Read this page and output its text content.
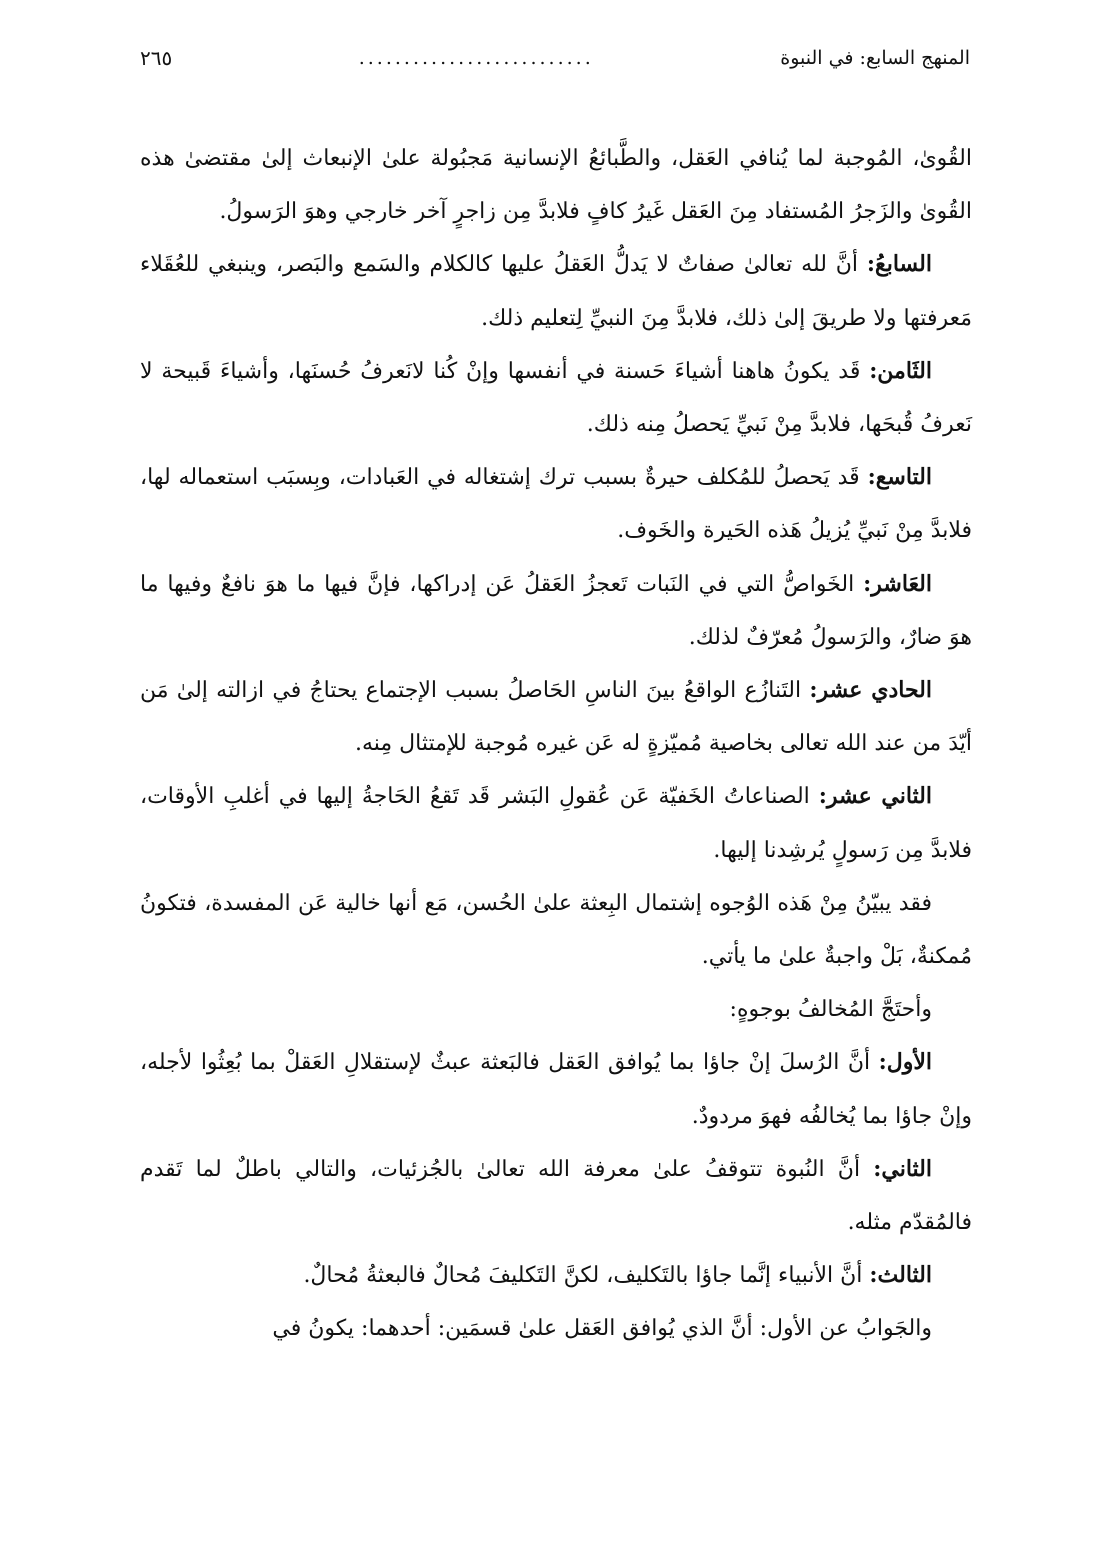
المنهج السابع: في النبوة
..........................
٢٦٥

القُوىٰ، المُوجبة لما يُنافي العَقل، والطَّبائعُ الإنسانية مَجبُولة علىٰ الإنبعاث إلىٰ مقتضىٰ هذه القُوىٰ والزَجرُ المُستفاد مِنَ العَقل غَيرُ كافٍ فلابدَّ مِن زاجرٍ آخر خارجي وهوَ الرَسولُ.

السابعُ: أنَّ لله تعالىٰ صفاتٌ لا يَدلُّ العَقلُ عليها كالكلام والسَمع والبَصر، وينبغي للعُقَلاء مَعرفتها ولا طريقَ إلىٰ ذلك، فلابدَّ مِنَ النبيِّ لِتعليم ذلك.

الثَامن: قَد يكونُ هاهنا أشياءَ حَسنة في أنفسها وإنْ كُنا لانَعرفُ حُسنَها، وأشياءَ قَبيحة لا نَعرفُ قُبحَها، فلابدَّ مِنْ نَبيِّ يَحصلُ مِنه ذلك.

التاسع: قَد يَحصلُ للمُكلف حيرةٌ بسبب ترك إشتغاله في العَبادات، وبِسبَب استعماله لها، فلابدَّ مِنْ نَبيِّ يُزيلُ هَذه الحَيرة والخَوف.

العَاشر: الخَواصُّ التي في النَبات تَعجزُ العَقلُ عَن إدراكها، فإنَّ فيها ما هوَ نافعٌ وفيها ما هوَ ضارٌ، والرَسولُ مُعرّفٌ لذلك.

الحادي عشر: التَنازُع الواقعُ بينَ الناسِ الحَاصلُ بسبب الإجتماع يحتاجُ في ازالته إلىٰ مَن أيّدَ من عند الله تعالى بخاصية مُميّزةٍ له عَن غيره مُوجبة للإمتثال مِنه.

الثاني عشر: الصناعاتُ الخَفيّة عَن عُقولِ البَشر قَد تَقعُ الحَاجةُ إليها في أغلبِ الأوقات، فلابدَّ مِن رَسولٍ يُرشِدنا إليها.

فقد يبيّنُ مِنْ هَذه الوُجوه إشتمال البِعثة علىٰ الحُسن، مَع أنها خالية عَن المفسدة، فتكونُ مُمكنةٌ، بَلْ واجبةٌ علىٰ ما يأتي.

وأحتَجَّ المُخالفُ بوجوهٍ:

الأول: أنَّ الرُسلَ إنْ جاؤا بما يُوافق العَقل فالبَعثة عبثٌ لإستقلالِ العَقلْ بما بُعِثُوا لأجله، وإنْ جاؤا بما يُخالفُه فهوَ مردودٌ.

الثاني: أنَّ النُبوة تتوقفُ علىٰ معرفة الله تعالىٰ بالجُزئيات، والتالي باطلٌ لما تَقدم فالمُقدّم مثله.

الثالث: أنَّ الأنبياء إنَّما جاؤا بالتَكليف، لكنَّ التَكليفَ مُحالٌ فالبعثةُ مُحالٌ.

والجَوابُ عن الأول: أنَّ الذي يُوافق العَقل علىٰ قسمَين: أحدهما: يكونُ في
